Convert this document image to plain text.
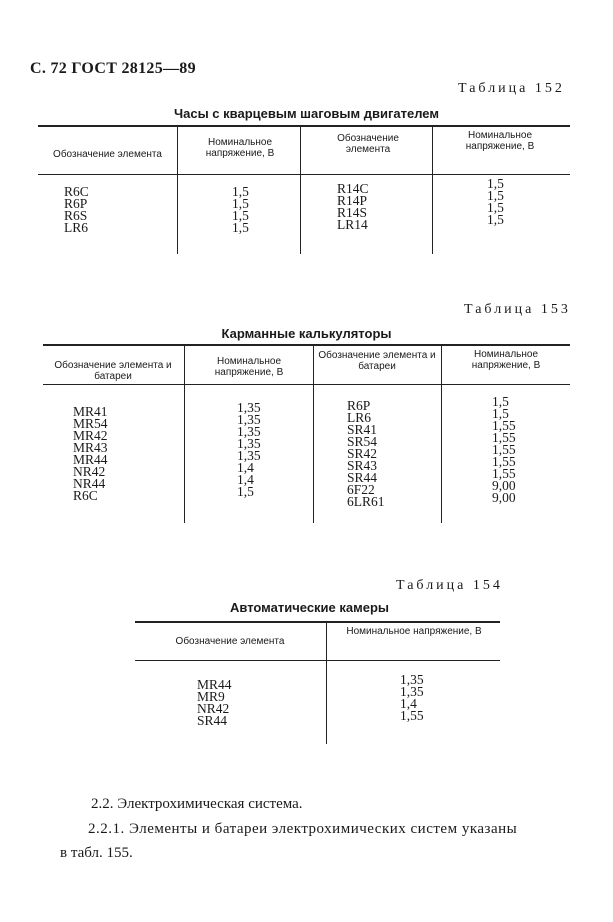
С. 72 ГОСТ 28125—89
Таблица 152
Часы с кварцевым шаговым двигателем
Обозначение элемента
Номинальное напряжение, В
Обозначение элемента
Номинальное напряжение, В
R6C
R6P
R6S
LR6
1,5
1,5
1,5
1,5
R14C
R14P
R14S
LR14
1,5
1,5
1,5
1,5
Таблица 153
Карманные калькуляторы
Обозначение элемента и батареи
Номинальное напряжение, В
Обозначение элемента и батареи
Номинальное напряжение, В
MR41
MR54
MR42
MR43
MR44
NR42
NR44
R6C
1,35
1,35
1,35
1,35
1,35
1,4
1,4
1,5
R6P
LR6
SR41
SR54
SR42
SR43
SR44
6F22
6LR61
1,5
1,5
1,55
1,55
1,55
1,55
1,55
9,00
9,00
Таблица 154
Автоматические камеры
Обозначение элемента
Номинальное напряжение, В
MR44
MR9
NR42
SR44
1,35
1,35
1,4
1,55
2.2. Электрохимическая система.
2.2.1. Элементы и батареи электрохимических систем указаны
в табл. 155.
